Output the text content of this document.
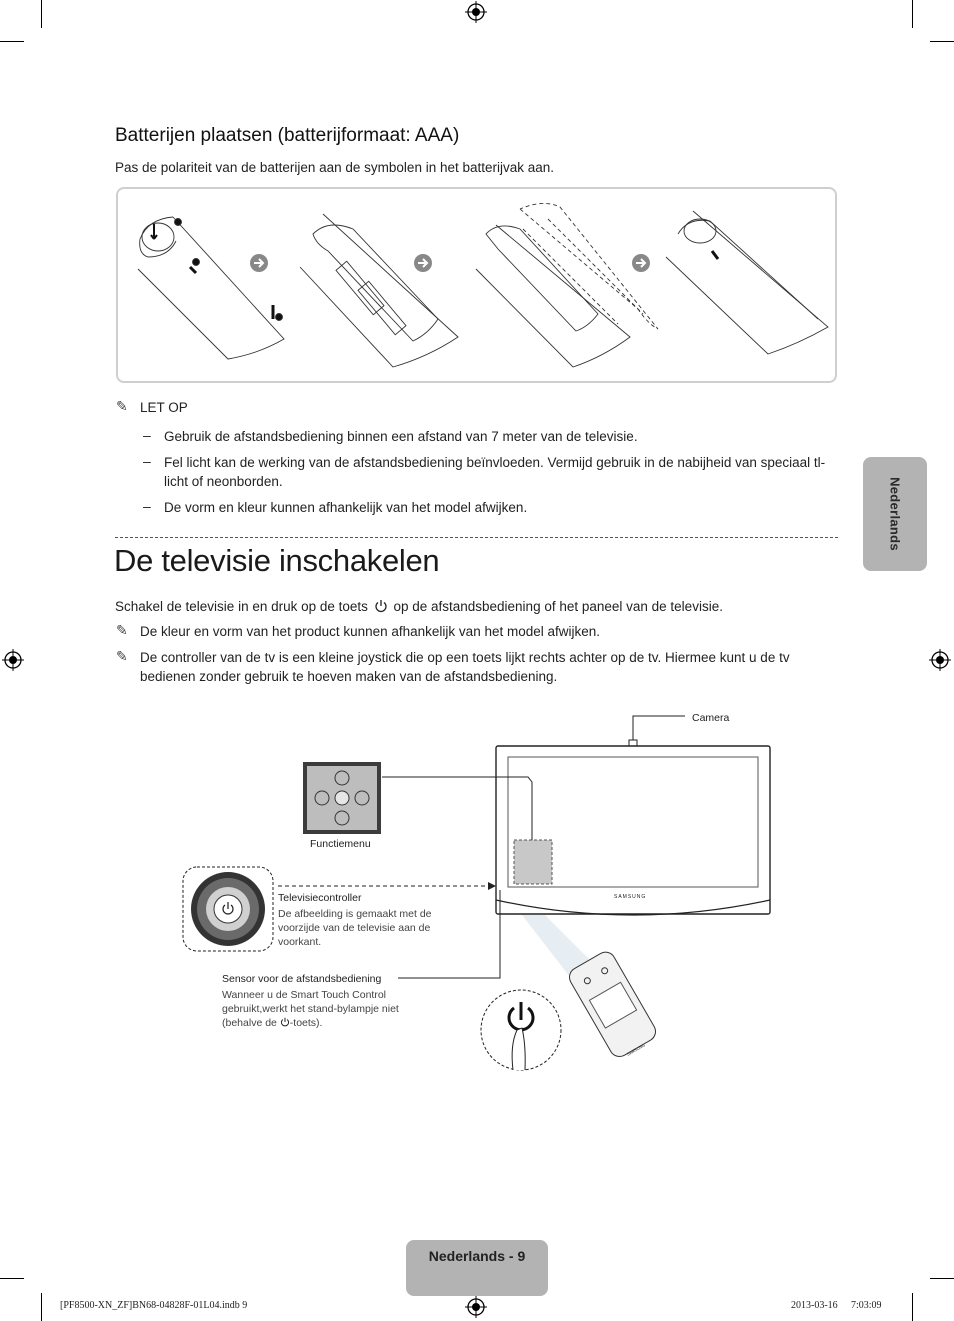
Batterijen plaatsen (batterijformaat: AAA)
Pas de polariteit van de batterijen aan de symbolen in het batterijvak aan.
✎ LET OP
– Gebruik de afstandsbediening binnen een afstand van 7 meter van de televisie.
– Fel licht kan de werking van de afstandsbediening beïnvloeden. Vermijd gebruik in de nabijheid van speciaal tl-licht of neonborden.
– De vorm en kleur kunnen afhankelijk van het model afwijken.
De televisie inschakelen
Schakel de televisie in en druk op de toets op de afstandsbediening of het paneel van de televisie.
✎ De kleur en vorm van het product kunnen afhankelijk van het model afwijken.
✎ De controller van de tv is een kleine joystick die op een toets lijkt rechts achter op de tv. Hiermee kunt u de tv bedienen zonder gebruik te hoeven maken van de afstandsbediening.
Camera
Functiemenu
SAMSUNG
Televisiecontroller
De afbeelding is gemaakt met de voorzijde van de televisie aan de voorkant.
Sensor voor de afstandsbediening
Wanneer u de Smart Touch Control gebruikt,werkt het stand-bylampje niet (behalve de -toets).
SAMSUNG
Nederlands
Nederlands - 9
[PF8500-XN_ZF]BN68-04828F-01L04.indb 9	2013-03-16 7:03:09
